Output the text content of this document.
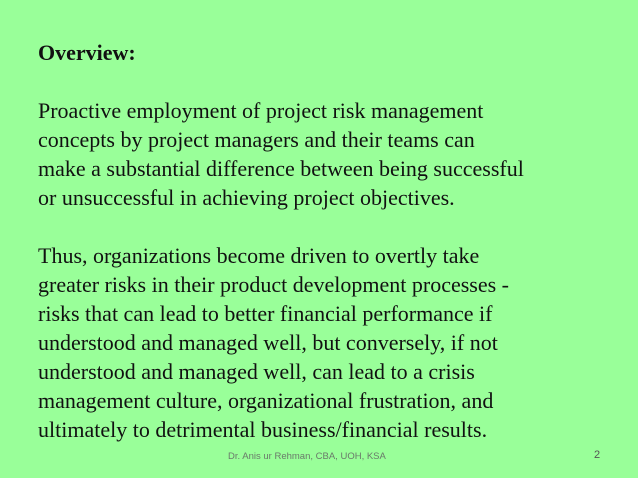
Overview:

Proactive employment of project risk management
concepts by project managers and their teams can
make a substantial difference between being successful
or unsuccessful in achieving project objectives.

Thus, organizations become driven to overtly take
greater risks in their product development processes -
risks that can lead to better financial performance if
understood and managed well, but conversely, if not
understood and managed well, can lead to a crisis
management culture, organizational frustration, and
ultimately to detrimental business/financial results.

Dr. Anis ur Rehman, CBA, UOH, KSA	2
